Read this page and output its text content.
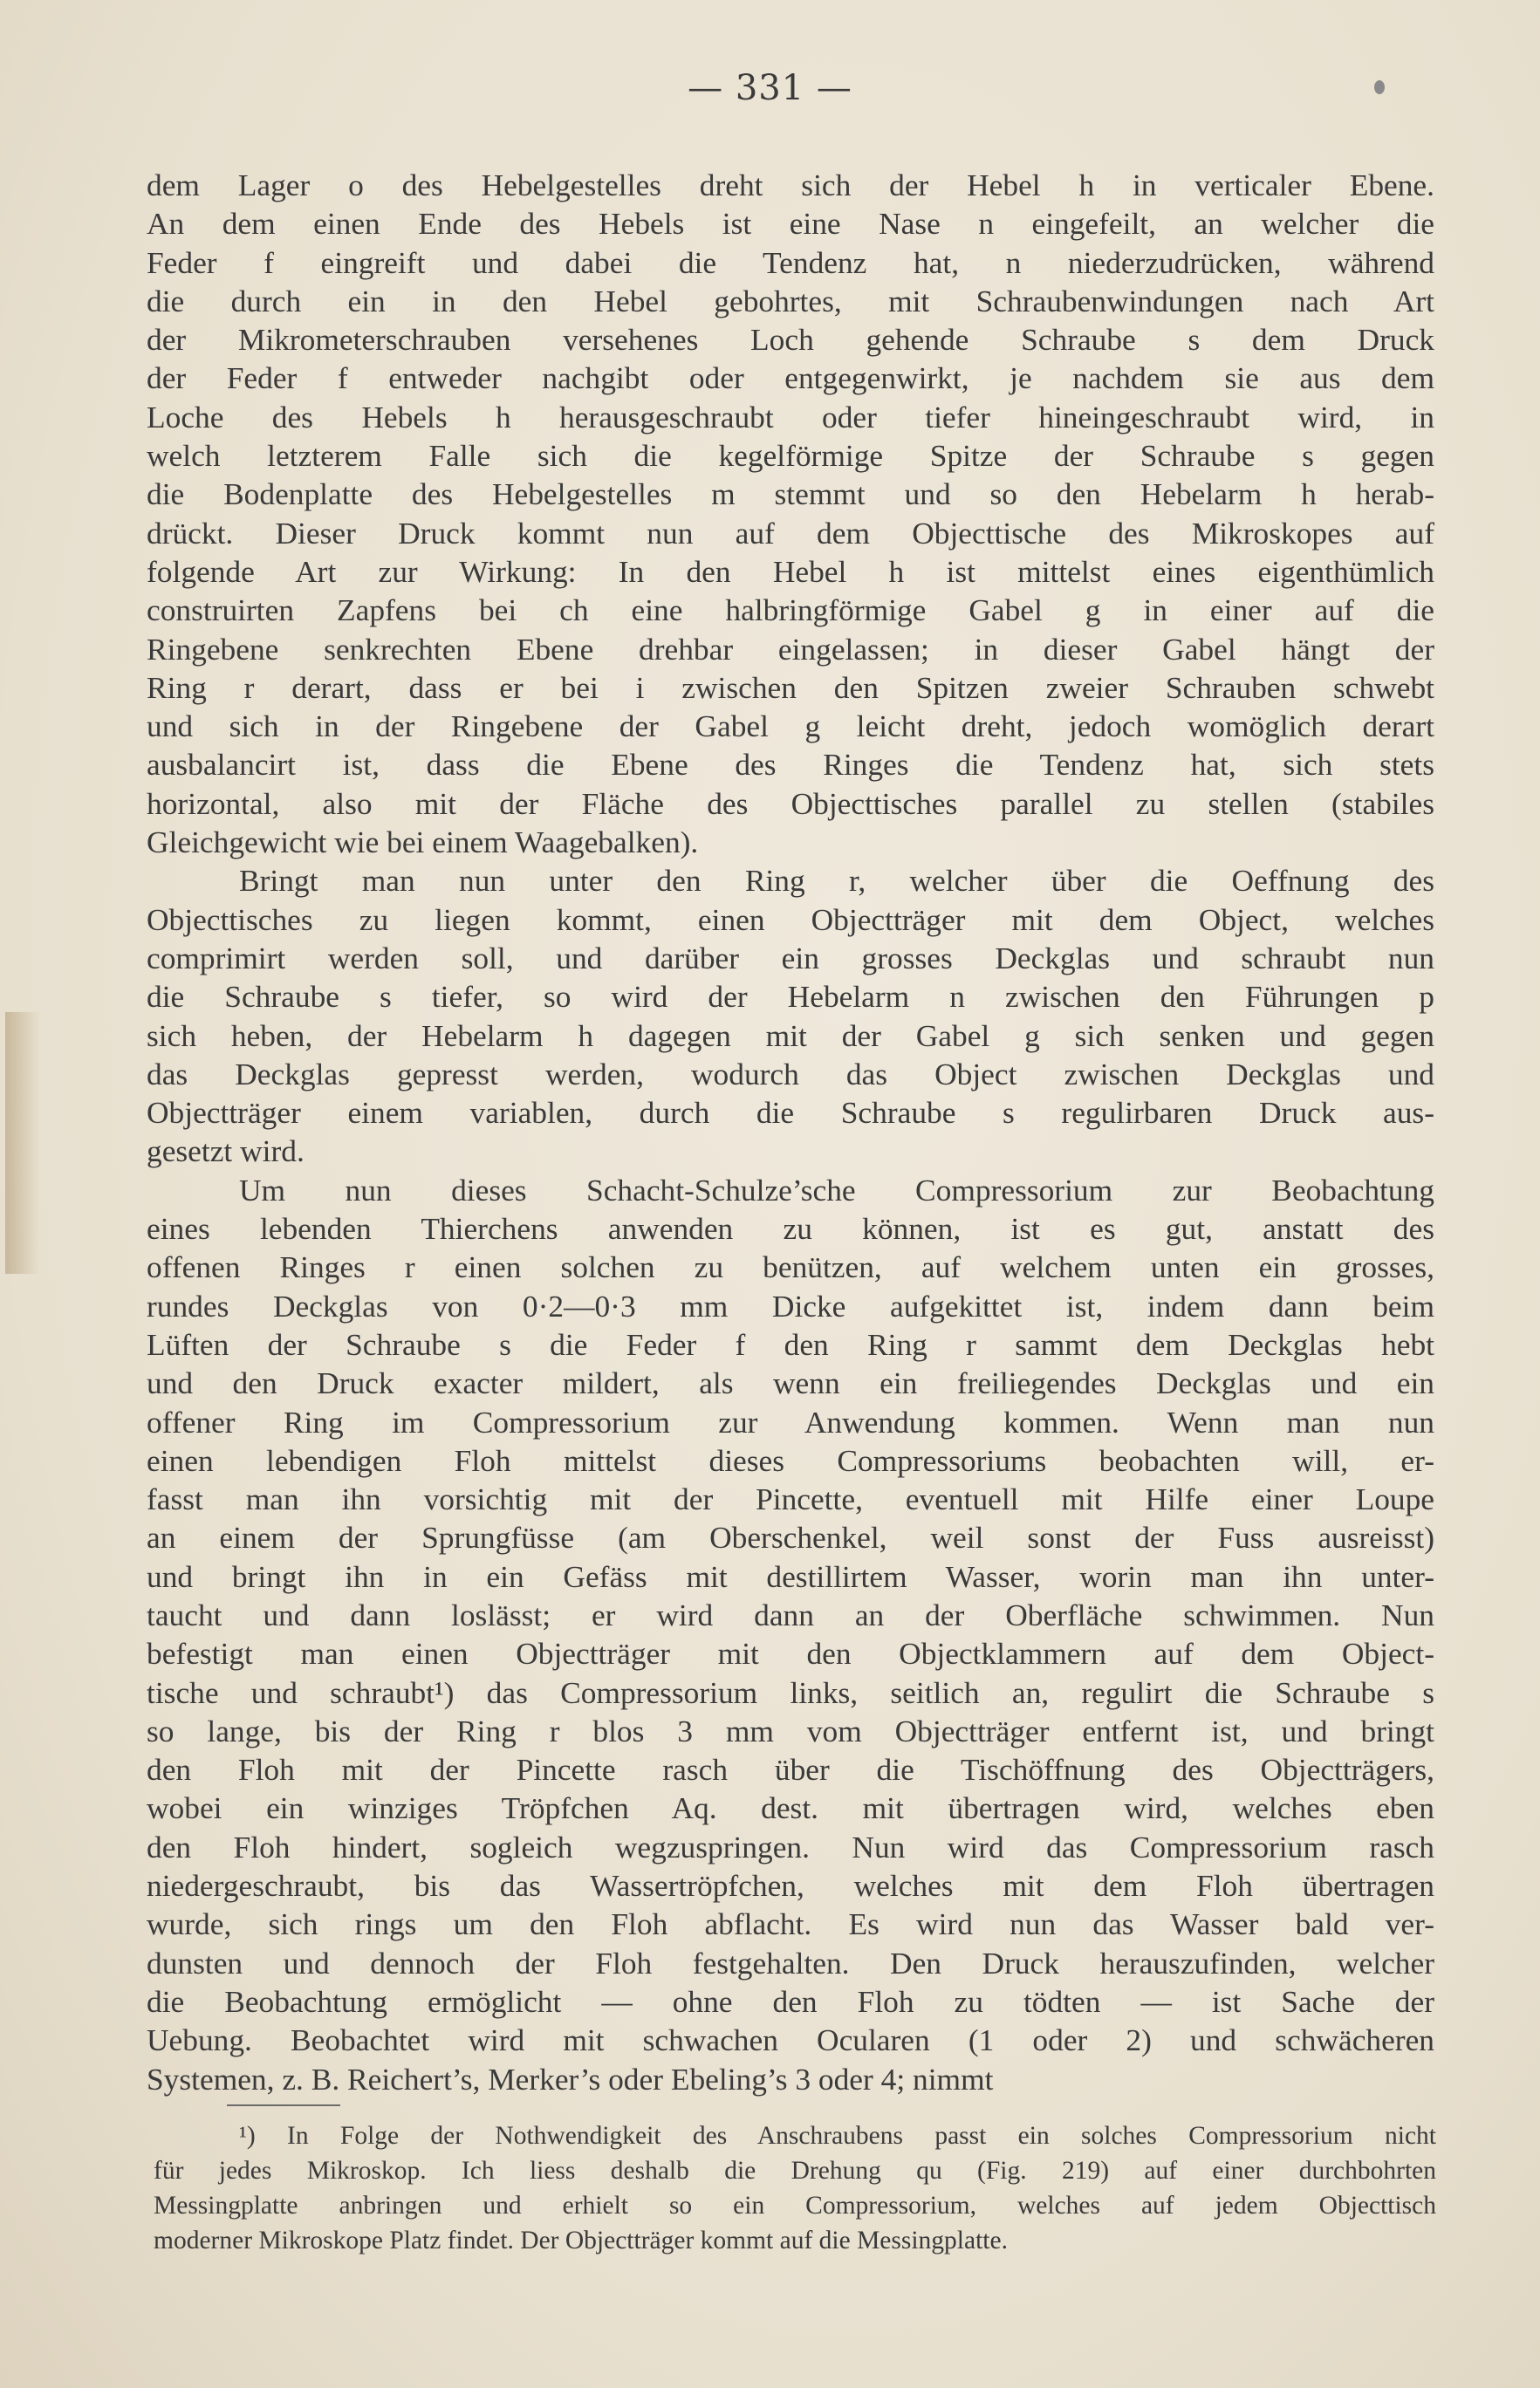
— 331 —
dem Lager o des Hebelgestelles dreht sich der Hebel h in verticaler Ebene.
An dem einen Ende des Hebels ist eine Nase n eingefeilt, an welcher die
Feder f eingreift und dabei die Tendenz hat, n niederzudrücken, während
die durch ein in den Hebel gebohrtes, mit Schraubenwindungen nach Art
der Mikrometerschrauben versehenes Loch gehende Schraube s dem Druck
der Feder f entweder nachgibt oder entgegenwirkt, je nachdem sie aus dem
Loche des Hebels h herausgeschraubt oder tiefer hineingeschraubt wird, in
welch letzterem Falle sich die kegelförmige Spitze der Schraube s gegen
die Bodenplatte des Hebelgestelles m stemmt und so den Hebelarm h herab-
drückt. Dieser Druck kommt nun auf dem Objecttische des Mikroskopes auf
folgende Art zur Wirkung: In den Hebel h ist mittelst eines eigenthümlich
construirten Zapfens bei ch eine halbringförmige Gabel g in einer auf die
Ringebene senkrechten Ebene drehbar eingelassen; in dieser Gabel hängt der
Ring r derart, dass er bei i zwischen den Spitzen zweier Schrauben schwebt
und sich in der Ringebene der Gabel g leicht dreht, jedoch womöglich derart
ausbalancirt ist, dass die Ebene des Ringes die Tendenz hat, sich stets
horizontal, also mit der Fläche des Objecttisches parallel zu stellen (stabiles
Gleichgewicht wie bei einem Waagebalken).
Bringt man nun unter den Ring r, welcher über die Oeffnung des
Objecttisches zu liegen kommt, einen Objectträger mit dem Object, welches
comprimirt werden soll, und darüber ein grosses Deckglas und schraubt nun
die Schraube s tiefer, so wird der Hebelarm n zwischen den Führungen p
sich heben, der Hebelarm h dagegen mit der Gabel g sich senken und gegen
das Deckglas gepresst werden, wodurch das Object zwischen Deckglas und
Objectträger einem variablen, durch die Schraube s regulirbaren Druck aus-
gesetzt wird.
Um nun dieses Schacht-Schulze’sche Compressorium zur Beobachtung
eines lebenden Thierchens anwenden zu können, ist es gut, anstatt des
offenen Ringes r einen solchen zu benützen, auf welchem unten ein grosses,
rundes Deckglas von 0·2—0·3 mm Dicke aufgekittet ist, indem dann beim
Lüften der Schraube s die Feder f den Ring r sammt dem Deckglas hebt
und den Druck exacter mildert, als wenn ein freiliegendes Deckglas und ein
offener Ring im Compressorium zur Anwendung kommen. Wenn man nun
einen lebendigen Floh mittelst dieses Compressoriums beobachten will, er-
fasst man ihn vorsichtig mit der Pincette, eventuell mit Hilfe einer Loupe
an einem der Sprungfüsse (am Oberschenkel, weil sonst der Fuss ausreisst)
und bringt ihn in ein Gefäss mit destillirtem Wasser, worin man ihn unter-
taucht und dann loslässt; er wird dann an der Oberfläche schwimmen. Nun
befestigt man einen Objectträger mit den Objectklammern auf dem Object-
tische und schraubt¹) das Compressorium links, seitlich an, regulirt die Schraube s
so lange, bis der Ring r blos 3 mm vom Objectträger entfernt ist, und bringt
den Floh mit der Pincette rasch über die Tischöffnung des Objectträgers,
wobei ein winziges Tröpfchen Aq. dest. mit übertragen wird, welches eben
den Floh hindert, sogleich wegzuspringen. Nun wird das Compressorium rasch
niedergeschraubt, bis das Wassertröpfchen, welches mit dem Floh übertragen
wurde, sich rings um den Floh abflacht. Es wird nun das Wasser bald ver-
dunsten und dennoch der Floh festgehalten. Den Druck herauszufinden, welcher
die Beobachtung ermöglicht — ohne den Floh zu tödten — ist Sache der
Uebung. Beobachtet wird mit schwachen Ocularen (1 oder 2) und schwächeren
Systemen, z. B. Reichert’s, Merker’s oder Ebeling’s 3 oder 4; nimmt
¹) In Folge der Nothwendigkeit des Anschraubens passt ein solches Compressorium nicht
für jedes Mikroskop. Ich liess deshalb die Drehung qu (Fig. 219) auf einer durchbohrten
Messingplatte anbringen und erhielt so ein Compressorium, welches auf jedem Objecttisch
moderner Mikroskope Platz findet. Der Objectträger kommt auf die Messingplatte.
